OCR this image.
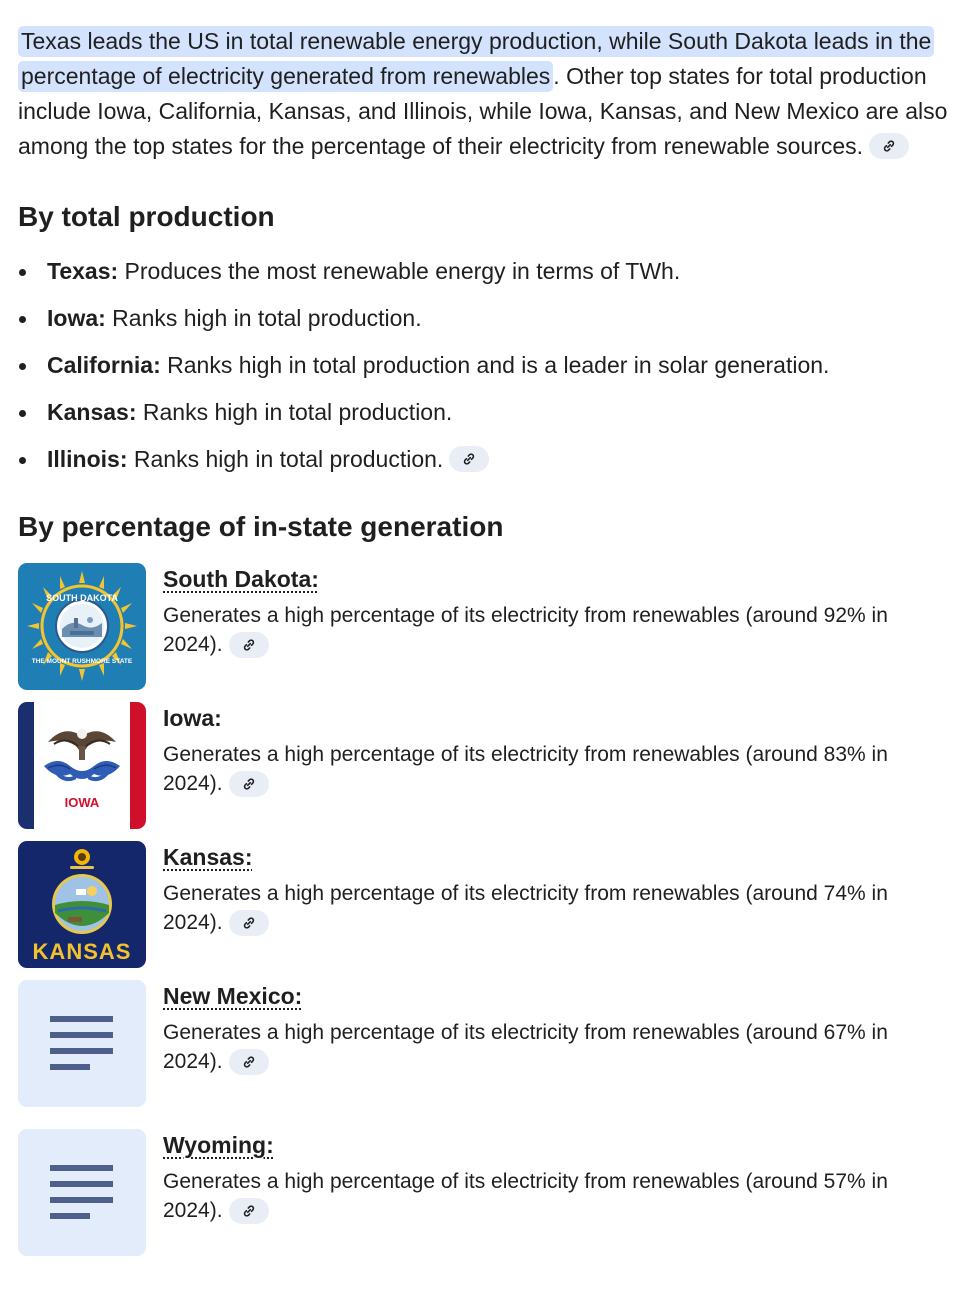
Texas leads the US in total renewable energy production, while South Dakota leads in the percentage of electricity generated from renewables . Other top states for total production include Iowa, California, Kansas, and Illinois, while Iowa, Kansas, and New Mexico are also among the top states for the percentage of their electricity from renewable sources.

By total production
Texas: Produces the most renewable energy in terms of TWh.
Iowa: Ranks high in total production.
California: Ranks high in total production and is a leader in solar generation.
Kansas: Ranks high in total production.
Illinois: Ranks high in total production.
By percentage of in-state generation
SOUTH DAKOTA
THE MOUNT RUSHMORE STATE
South Dakota:
Generates a high percentage of its electricity from renewables (around 92% in 2024).
IOWA
Iowa:
Generates a high percentage of its electricity from renewables (around 83% in 2024).
KANSAS
Kansas:
Generates a high percentage of its electricity from renewables (around 74% in 2024).
New Mexico:
Generates a high percentage of its electricity from renewables (around 67% in 2024).
Wyoming:
Generates a high percentage of its electricity from renewables (around 57% in 2024).
